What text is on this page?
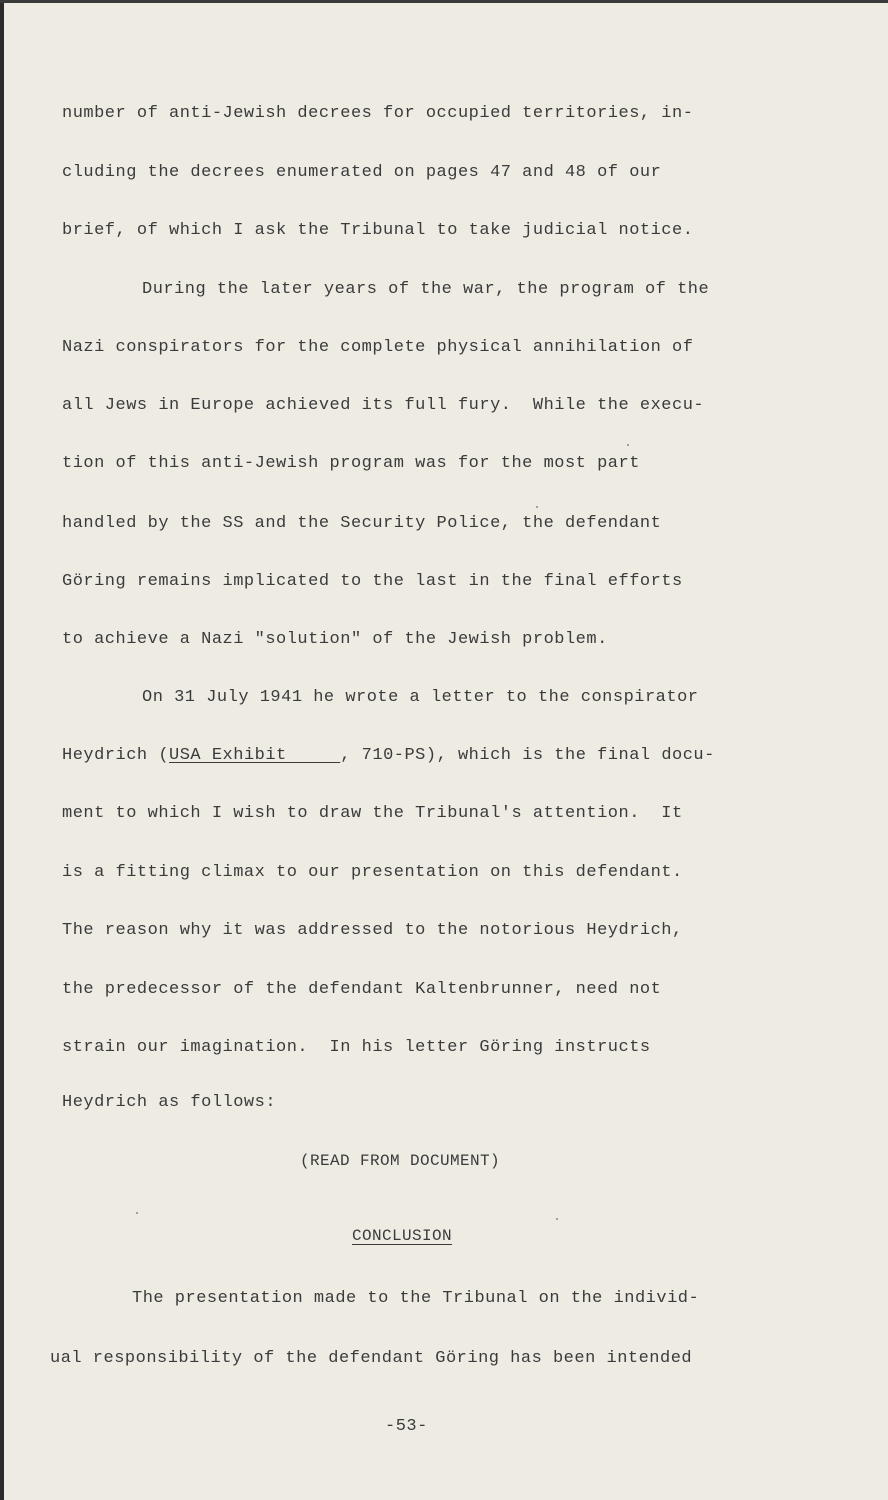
number of anti-Jewish decrees for occupied territories, in-
cluding the decrees enumerated on pages 47 and 48 of our
brief, of which I ask the Tribunal to take judicial notice.
During the later years of the war, the program of the
Nazi conspirators for the complete physical annihilation of
all Jews in Europe achieved its full fury.  While the execu-
tion of this anti-Jewish program was for the most part
handled by the SS and the Security Police, the defendant
Göring remains implicated to the last in the final efforts
to achieve a Nazi "solution" of the Jewish problem.
On 31 July 1941 he wrote a letter to the conspirator
Heydrich (USA Exhibit     , 710-PS), which is the final docu-
ment to which I wish to draw the Tribunal's attention.  It
is a fitting climax to our presentation on this defendant.
The reason why it was addressed to the notorious Heydrich,
the predecessor of the defendant Kaltenbrunner, need not
strain our imagination.  In his letter Göring instructs
Heydrich as follows:
(READ FROM DOCUMENT)
CONCLUSION
The presentation made to the Tribunal on the individ-
ual responsibility of the defendant Göring has been intended
-53-
